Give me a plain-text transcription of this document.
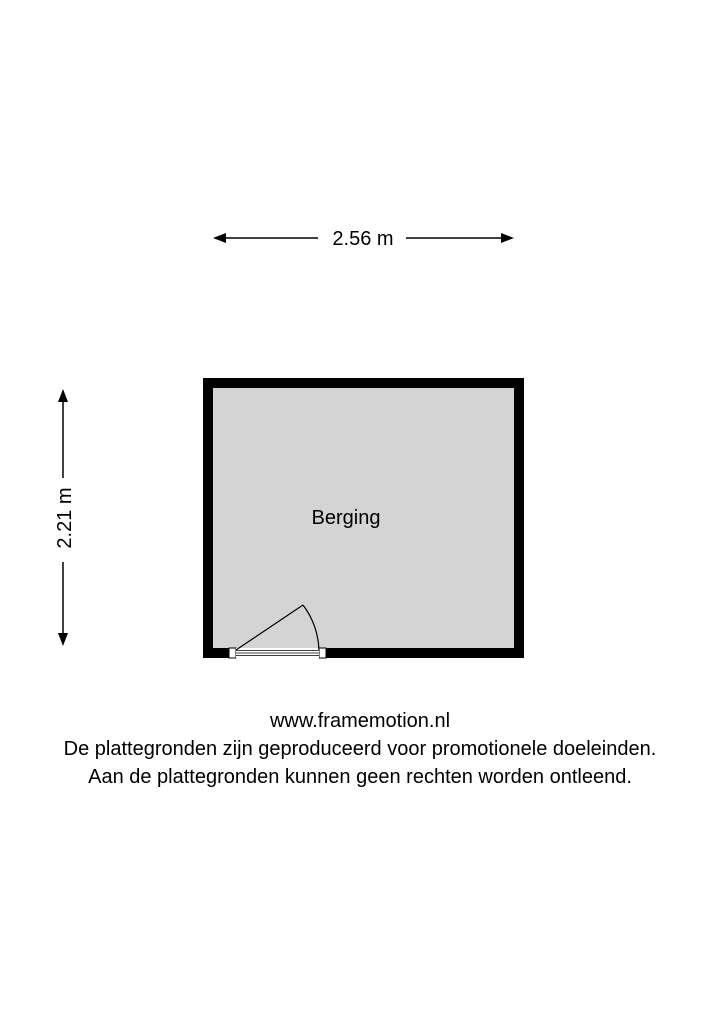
2.56 m
2.21 m	Berging
www.framemotion.nl
De plattegronden zijn geproduceerd voor promotionele doeleinden.
Aan de plattegronden kunnen geen rechten worden ontleend.
